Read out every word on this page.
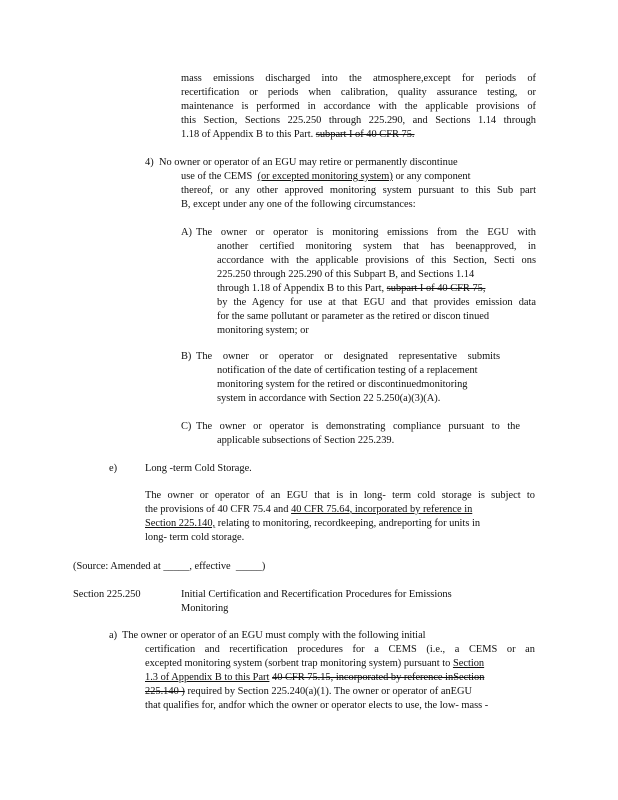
mass emissions discharged into the atmosphere,except for periods of
recertification or periods when calibration, quality assurance testing, or
maintenance is performed in accordance with the applicable provisions of
this Section, Sections 225.250 through 225.290, and Sections 1.14 through
1.18 of Appendix B to this Part. subpart I of 40 CFR 75.
4) No owner or operator of an EGU may retire or permanently discontinue
use of the CEMS (or excepted monitoring system) or any component
thereof, or any other approved monitoring system pursuant to this Sub part
B, except under any one of the following circumstances:
A) The owner or operator is monitoring emissions from the EGU with
another certified monitoring system that has beenapproved, in
accordance with the applicable provisions of this Section, Secti ons
225.250 through 225.290 of this Subpart B, and Sections 1.14
through 1.18 of Appendix B to this Part, subpart I of 40 CFR 75,
by the Agency for use at that EGU and that provides emission data
for the same pollutant or parameter as the retired or discon tinued
monitoring system; or
B) The owner or operator or designated representative submits
notification of the date of certification testing of a replacement
monitoring system for the retired or discontinuedmonitoring
system in accordance with Section 22 5.250(a)(3)(A).
C) The owner or operator is demonstrating compliance pursuant to the
applicable subsections of Section 225.239.
e)	Long -term Cold Storage.
The owner or operator of an EGU that is in long- term cold storage is subject to
the provisions of 40 CFR 75.4 and 40 CFR 75.64, incorporated by reference in
Section 225.140, relating to monitoring, recordkeeping, andreporting for units in
long- term cold storage.
(Source: Amended at _____, effective _____)
Section 225.250	Initial Certification and Recertification Procedures for Emissions
Monitoring
a) The owner or operator of an EGU must comply with the following initial
certification and recertification procedures for a CEMS (i.e., a CEMS or an
excepted monitoring system (sorbent trap monitoring system) pursuant to Section
1.3 of Appendix B to this Part 40 CFR 75.15, incorporated by reference inSection
225.140 ) required by Section 225.240(a)(1). The owner or operator of anEGU
that qualifies for, andfor which the owner or operator elects to use, the low- mass -
